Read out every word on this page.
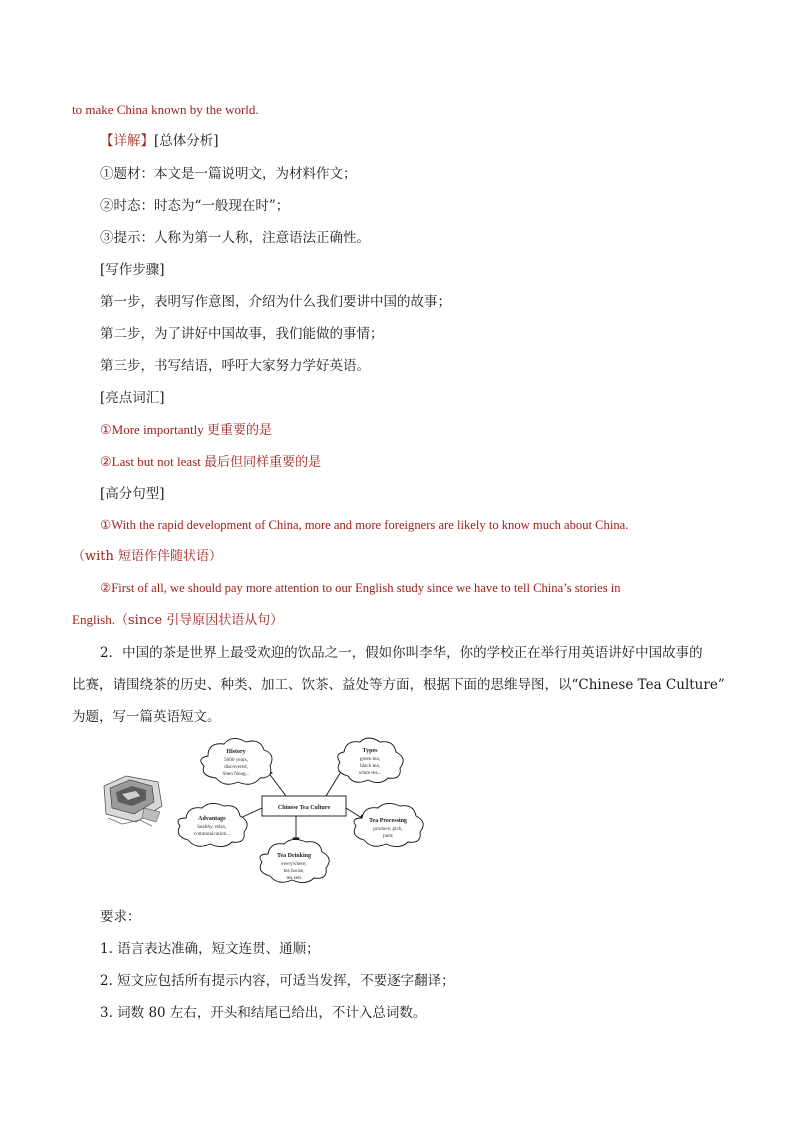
to make China known by the world.
【详解】[总体分析]
①题材：本文是一篇说明文，为材料作文；
②时态：时态为“一般现在时”；
③提示：人称为第一人称，注意语法正确性。
[写作步骤]
第一步，表明写作意图，介绍为什么我们要讲中国的故事；
第二步，为了讲好中国故事，我们能做的事情；
第三步，书写结语，呼吁大家努力学好英语。
[亮点词汇]
①More importantly 更重要的是
②Last but not least 最后但同样重要的是
[高分句型]
①With the rapid development of China, more and more foreigners are likely to know much about China.
（with 短语作伴随状语）
②First of all, we should pay more attention to our English study since we have to tell China’s stories in
English.（since 引导原因状语从句）
2．中国的茶是世界上最受欢迎的饮品之一，假如你叫李华，你的学校正在举行用英语讲好中国故事的
比赛，请围绕茶的历史、种类、加工、饮茶、益处等方面，根据下面的思维导图，以“Chinese Tea Culture”
为题，写一篇英语短文。
Chinese Tea Culture
History
5000 years,
discovered,
Shen Nong...
Types
green tea,
black tea,
white tea...
Advantage
healthy, relax,
communication...
Tea Processing
produce, pick,
pack
Tea Drinking
everywhere,
tea house,
tea sets
要求：
1. 语言表达准确，短文连贯、通顺；
2. 短文应包括所有提示内容，可适当发挥，不要逐字翻译；
3. 词数 80 左右，开头和结尾已给出，不计入总词数。
